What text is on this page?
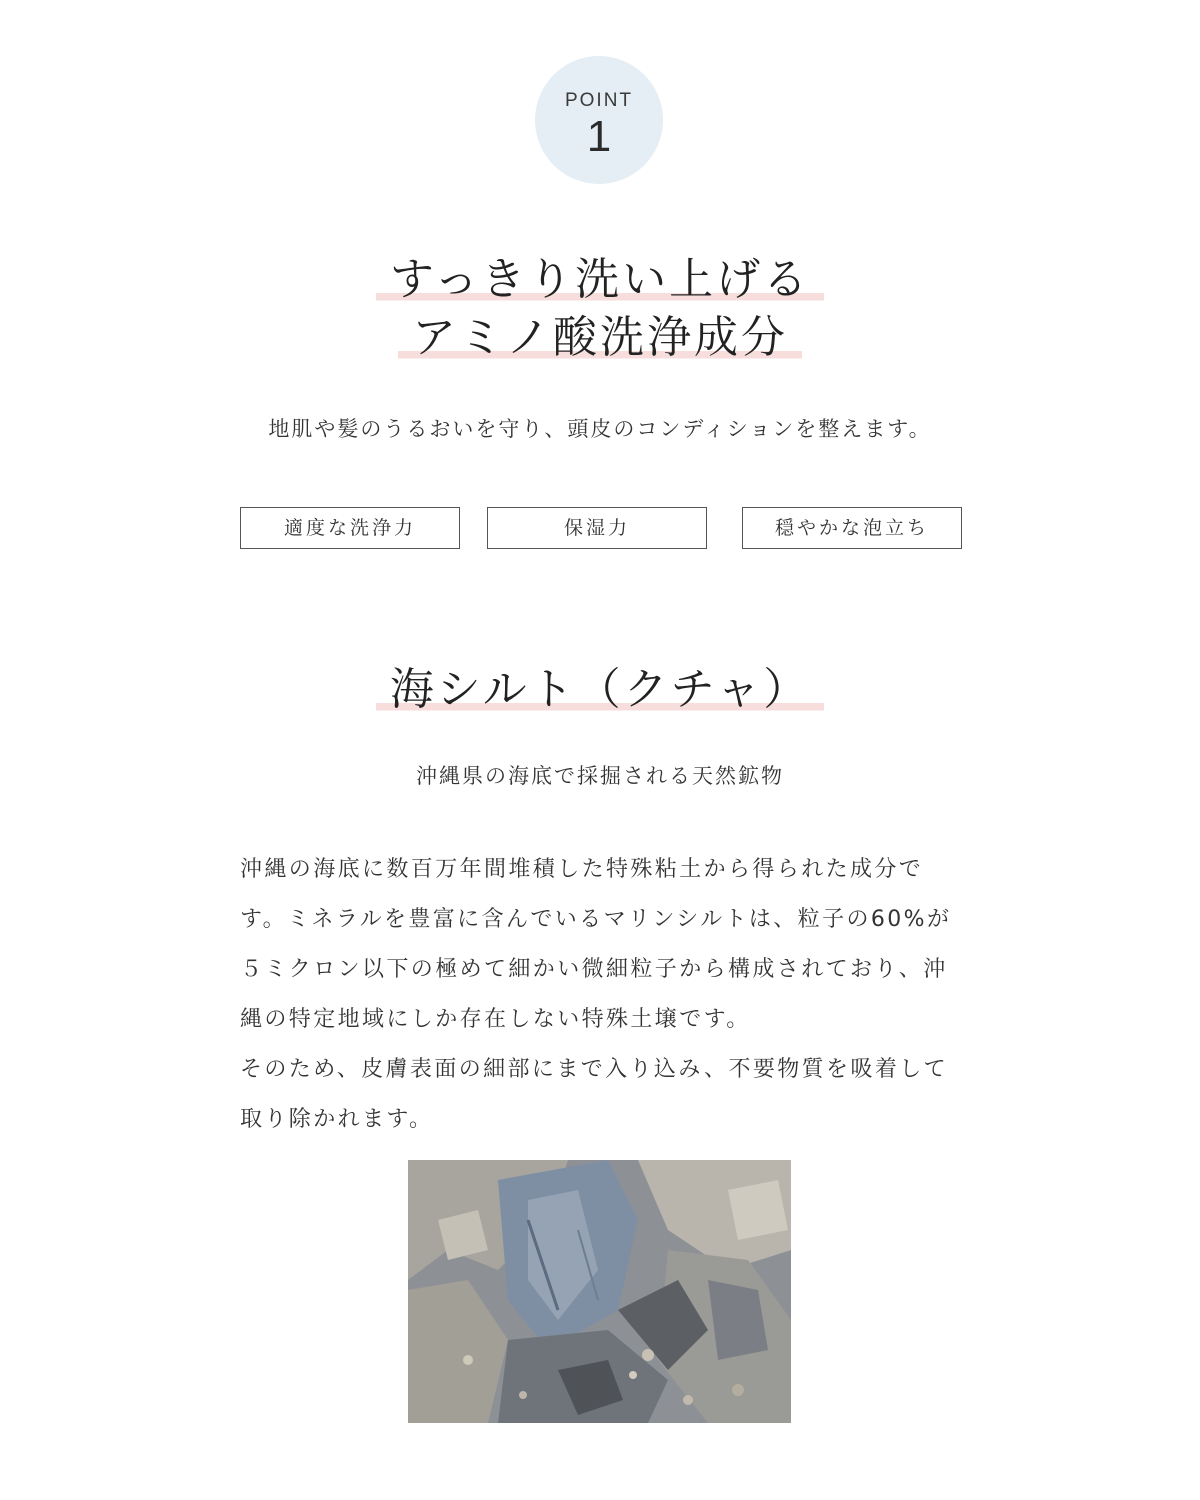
POINT
1
すっきり洗い上げる
アミノ酸洗浄成分
地肌や髪のうるおいを守り、頭皮のコンディションを整えます。
適度な洗浄力	保湿力	穏やかな泡立ち
海シルト（クチャ）
沖縄県の海底で採掘される天然鉱物

沖縄の海底に数百万年間堆積した特殊粘土から得られた成分です。ミネラルを豊富に含んでいるマリンシルトは、粒子の60%が５ミクロン以下の極めて細かい微細粒子から構成されており、沖縄の特定地域にしか存在しない特殊土壌です。

そのため、皮膚表面の細部にまで入り込み、不要物質を吸着して取り除かれます。
